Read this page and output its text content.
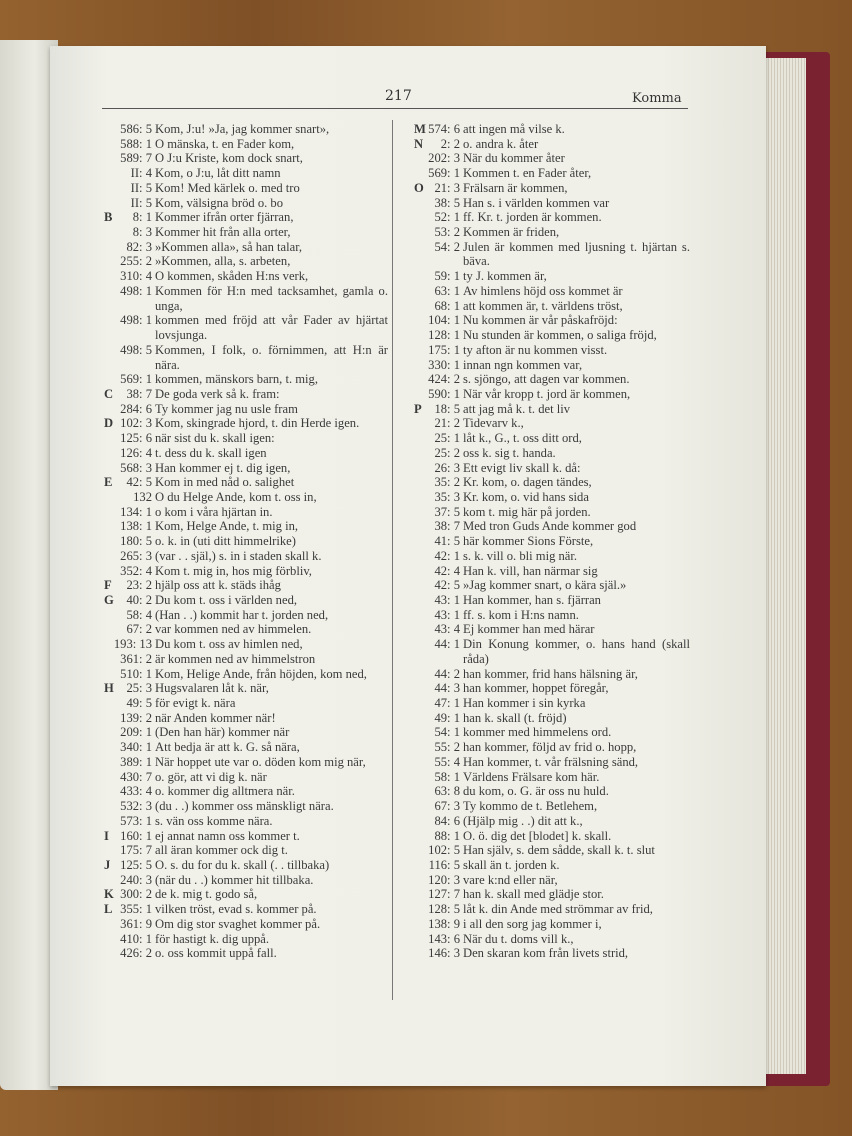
217	Komma
586: 5 Kom, J:u! »Ja, jag kommer snart»,
588: 1 O mänska, t. en Fader kom,
589: 7 O J:u Kriste, kom dock snart,
II: 4 Kom, o J:u, låt ditt namn
II: 5 Kom! Med kärlek o. med tro
II: 5 Kom, välsigna bröd o. bo
B	8: 1 Kommer ifrån orter fjärran,
8: 3 Kommer hit från alla orter,
82: 3 »Kommen alla», så han talar,
255: 2 »Kommen, alla, s. arbeten,
310: 4 O kommen, skåden H:ns verk,
498: 1 Kommen för H:n med tacksamhet, gamla o. unga,
498: 1 kommen med fröjd att vår Fader av hjärtat lovsjunga.
498: 5 Kommen, I folk, o. förnimmen, att H:n är nära.
569: 1 kommen, mänskors barn, t. mig,
C	38: 7 De goda verk så k. fram:
284: 6 Ty kommer jag nu usle fram
D 102: 3 Kom, skingrade hjord, t. din Herde igen.
125: 6 när sist du k. skall igen:
126: 4 t. dess du k. skall igen
568: 3 Han kommer ej t. dig igen,
E	42: 5 Kom in med nåd o. salighet
132 O du Helge Ande, kom t. oss in,
134: 1 o kom i våra hjärtan in.
138: 1 Kom, Helge Ande, t. mig in,
180: 5 o. k. in (uti ditt himmelrike)
265: 3 (var . . själ,) s. in i staden skall k.
352: 4 Kom t. mig in, hos mig förbliv,
F	23: 2 hjälp oss att k. städs ihåg
G	40: 2 Du kom t. oss i världen ned,
58: 4 (Han . .) kommit har t. jorden ned,
67: 2 var kommen ned av himmelen.
193: 13 Du kom t. oss av himlen ned,
361: 2 är kommen ned av himmelstron
510: 1 Kom, Helige Ande, från höjden, kom ned,
H	25: 3 Hugsvalaren låt k. när,
49: 5 för evigt k. nära
139: 2 när Anden kommer när!
209: 1 (Den han här) kommer när
340: 1 Att bedja är att k. G. så nära,
389: 1 När hoppet ute var o. döden kom mig när,
430: 7 o. gör, att vi dig k. när
433: 4 o. kommer dig alltmera när.
532: 3 (du . .) kommer oss mänskligt nära.
573: 1 s. vän oss komme nära.
I 160: 1 ej annat namn oss kommer t.
175: 7 all äran kommer ock dig t.
J 125: 5 O. s. du for du k. skall (. . tillbaka)
240: 3 (när du . .) kommer hit tillbaka.
K 300: 2 de k. mig t. godo så,
L 355: 1 vilken tröst, evad s. kommer på.
361: 9 Om dig stor svaghet kommer på.
410: 1 för hastigt k. dig uppå.
426: 2 o. oss kommit uppå fall.
M 574: 6 att ingen må vilse k.
N	2: 2 o. andra k. åter
202: 3 När du kommer åter
569: 1 Kommen t. en Fader åter,
O 21: 3 Frälsarn är kommen,
38: 5 Han s. i världen kommen var
52: 1 ff. Kr. t. jorden är kommen.
53: 2 Kommen är friden,
54: 2 Julen är kommen med ljusning t. hjärtan s. bäva.
59: 1 ty J. kommen är,
63: 1 Av himlens höjd oss kommet är
68: 1 att kommen är, t. världens tröst,
104: 1 Nu kommen är vår påskafröjd:
128: 1 Nu stunden är kommen, o saliga fröjd,
175: 1 ty afton är nu kommen visst.
330: 1 innan ngn kommen var,
424: 2 s. sjöngo, att dagen var kommen.
590: 1 När vår kropp t. jord är kommen,
P	18: 5 att jag må k. t. det liv
21: 2 Tidevarv k.,
25: 1 låt k., G., t. oss ditt ord,
25: 2 oss k. sig t. handa.
26: 3 Ett evigt liv skall k. då:
35: 2 Kr. kom, o. dagen tändes,
35: 3 Kr. kom, o. vid hans sida
37: 5 kom t. mig här på jorden.
38: 7 Med tron Guds Ande kommer god
41: 5 här kommer Sions Förste,
42: 1 s. k. vill o. bli mig när.
42: 4 Han k. vill, han närmar sig
42: 5 »Jag kommer snart, o kära själ.»
43: 1 Han kommer, han s. fjärran
43: 1 ff. s. kom i H:ns namn.
43: 4 Ej kommer han med härar
44: 1 Din Konung kommer, o. hans hand (skall råda)
44: 2 han kommer, frid hans hälsning är,
44: 3 han kommer, hoppet föregår,
47: 1 Han kommer i sin kyrka
49: 1 han k. skall (t. fröjd)
54: 1 kommer med himmelens ord.
55: 2 han kommer, följd av frid o. hopp,
55: 4 Han kommer, t. vår frälsning sänd,
58: 1 Världens Frälsare kom här.
63: 8 du kom, o. G. är oss nu huld.
67: 3 Ty kommo de t. Betlehem,
84: 6 (Hjälp mig . .) dit att k.,
88: 1 O. ö. dig det [blodet] k. skall.
102: 5 Han själv, s. dem sådde, skall k. t. slut
116: 5 skall än t. jorden k.
120: 3 vare k:nd eller när,
127: 7 han k. skall med glädje stor.
128: 5 låt k. din Ande med strömmar av frid,
138: 9 i all den sorg jag kommer i,
143: 6 När du t. doms vill k.,
146: 3 Den skaran kom från livets strid,
